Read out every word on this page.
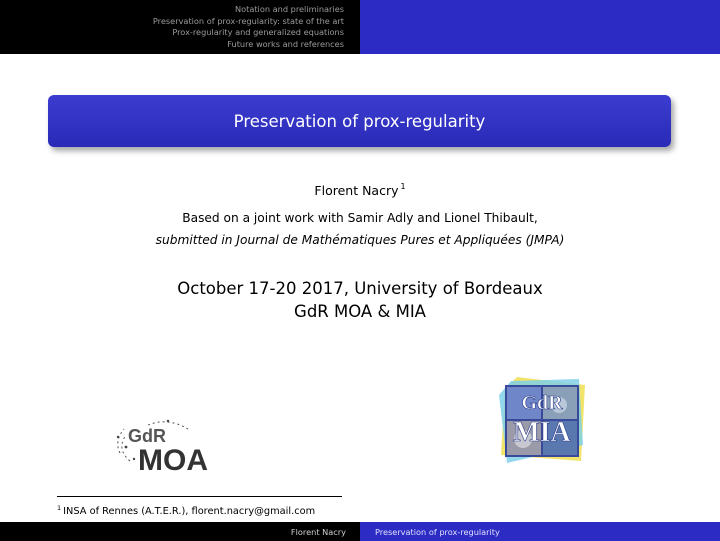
Notation and preliminaries
Preservation of prox-regularity: state of the art
Prox-regularity and generalized equations
Future works and references
Preservation of prox-regularity
Florent Nacry $^1$
Based on a joint work with Samir Adly and Lionel Thibault,
submitted in Journal de Mathématiques Pures et Appliquées (JMPA)
October 17-20 2017, University of Bordeaux
GdR MOA & MIA
GdR
MOA
GdR
MIA
$^1$ INSA of Rennes (A.T.E.R.), florent.nacry@gmail.com
Florent Nacry	Preservation of prox-regularity
